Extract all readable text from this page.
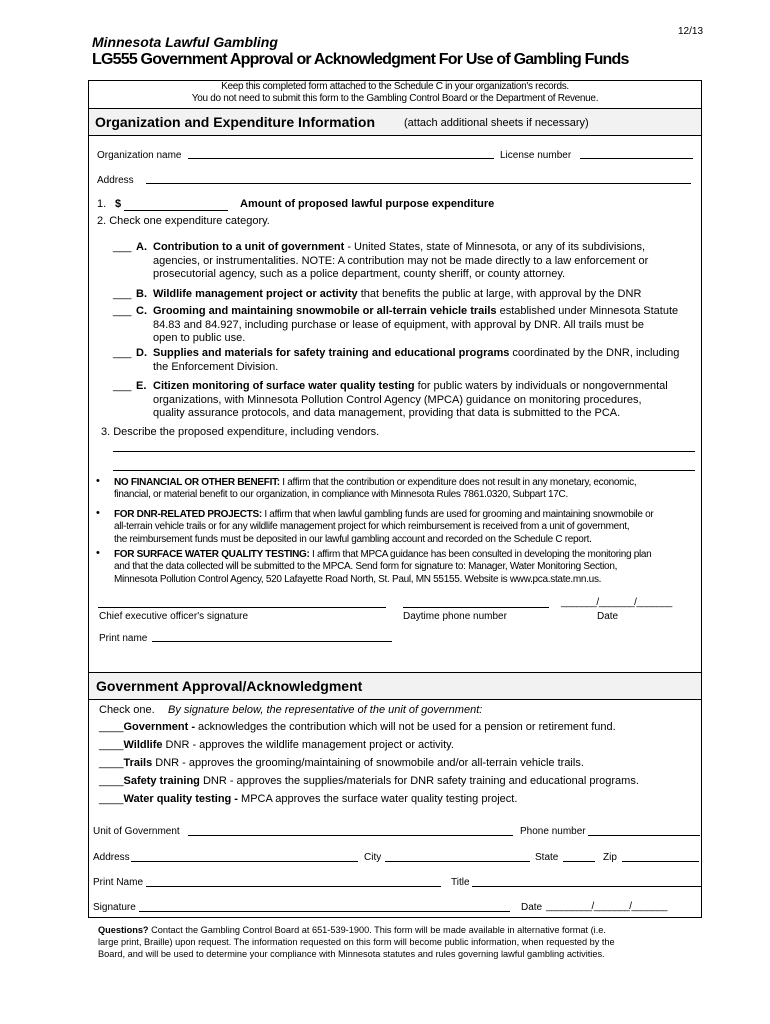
12/13
Minnesota Lawful Gambling
LG555 Government Approval or Acknowledgment For Use of Gambling Funds
Keep this completed form attached to the Schedule C in your organization's records.
You do not need to submit this form to the Gambling Control Board or the Department of Revenue.
Organization and Expenditure Information	(attach additional sheets if necessary)
Organization name	License number
Address
1. $	Amount of proposed lawful purpose expenditure
2. Check one expenditure category.
___ A. Contribution to a unit of government - United States, state of Minnesota, or any of its subdivisions,
agencies, or instrumentalities. NOTE: A contribution may not be made directly to a law enforcement or
prosecutorial agency, such as a police department, county sheriff, or county attorney.
___ B. Wildlife management project or activity that benefits the public at large, with approval by the DNR
___ C. Grooming and maintaining snowmobile or all-terrain vehicle trails established under Minnesota Statute
84.83 and 84.927, including purchase or lease of equipment, with approval by DNR. All trails must be
open to public use.
___ D. Supplies and materials for safety training and educational programs coordinated by the DNR, including
the Enforcement Division.
___ E. Citizen monitoring of surface water quality testing for public waters by individuals or nongovernmental
organizations, with Minnesota Pollution Control Agency (MPCA) guidance on monitoring procedures,
quality assurance protocols, and data management, providing that data is submitted to the PCA.
3. Describe the proposed expenditure, including vendors.
• NO FINANCIAL OR OTHER BENEFIT: I affirm that the contribution or expenditure does not result in any monetary, economic,
financial, or material benefit to our organization, in compliance with Minnesota Rules 7861.0320, Subpart 17C.
• FOR DNR-RELATED PROJECTS: I affirm that when lawful gambling funds are used for grooming and maintaining snowmobile or
all-terrain vehicle trails or for any wildlife management project for which reimbursement is received from a unit of government,
the reimbursement funds must be deposited in our lawful gambling account and recorded on the Schedule C report.
• FOR SURFACE WATER QUALITY TESTING: I affirm that MPCA guidance has been consulted in developing the monitoring plan
and that the data collected will be submitted to the MPCA. Send form for signature to: Manager, Water Monitoring Section,
Minnesota Pollution Control Agency, 520 Lafayette Road North, St. Paul, MN 55155. Website is www.pca.state.mn.us.
Chief executive officer's signature	Daytime phone number
_______/_______/_______
Date
Print name
Government Approval/Acknowledgment
Check one. By signature below, the representative of the unit of government:
____Government - acknowledges the contribution which will not be used for a pension or retirement fund.
____Wildlife DNR - approves the wildlife management project or activity.
____Trails DNR - approves the grooming/maintaining of snowmobile and/or all-terrain vehicle trails.
____Safety training DNR - approves the supplies/materials for DNR safety training and educational programs.
____Water quality testing - MPCA approves the surface water quality testing project.
Unit of Government	Phone number
Address	City	State	Zip
Print Name	Title
Signature	Date _________/_______/_______
Questions? Contact the Gambling Control Board at 651-539-1900. This form will be made available in alternative format (i.e.
large print, Braille) upon request. The information requested on this form will become public information, when requested by the
Board, and will be used to determine your compliance with Minnesota statutes and rules governing lawful gambling activities.
